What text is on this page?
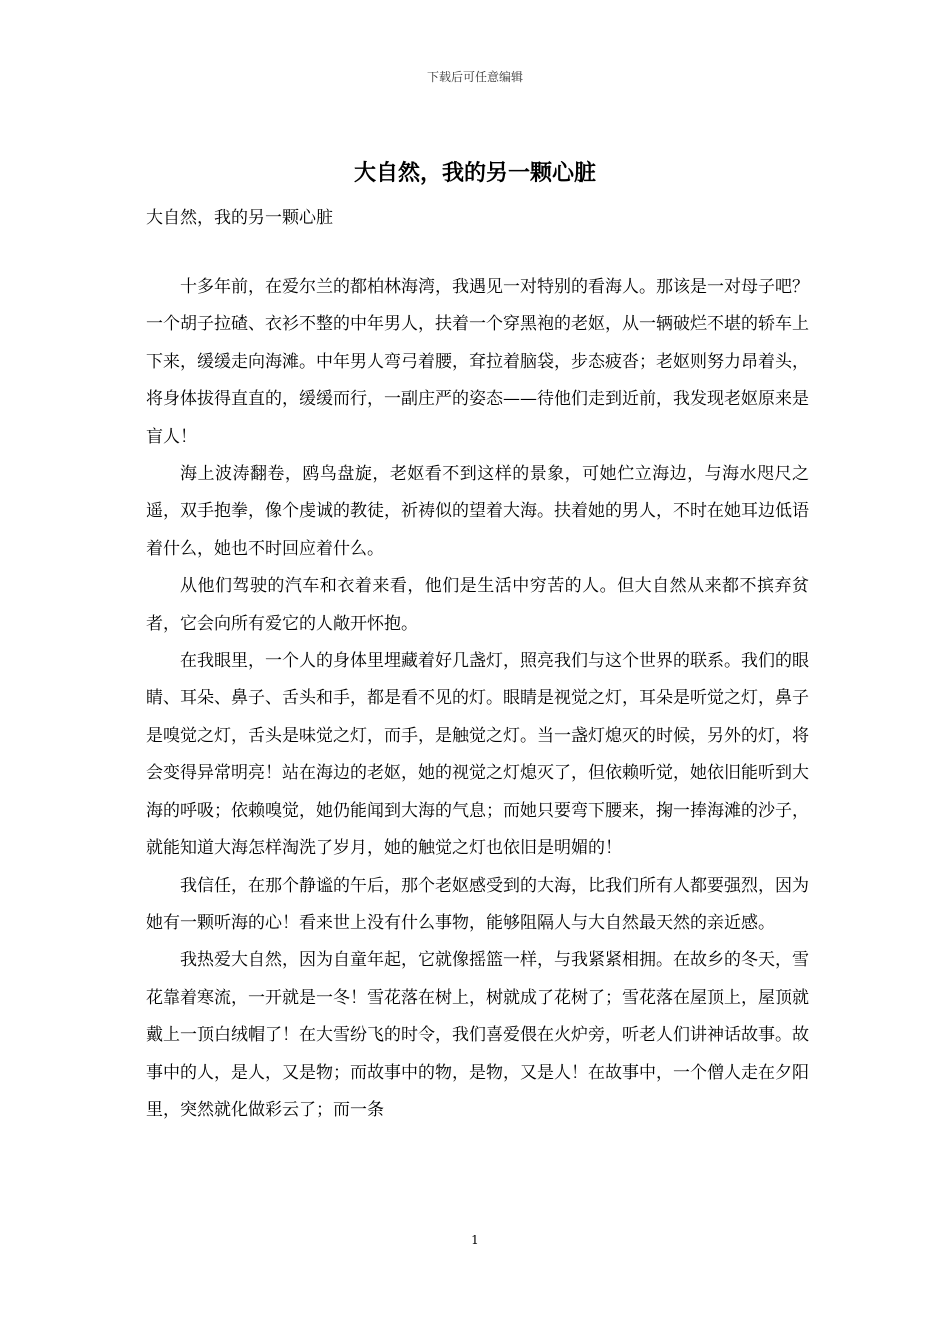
下载后可任意编辑
大自然，我的另一颗心脏
大自然，我的另一颗心脏

十多年前，在爱尔兰的都柏林海湾，我遇见一对特别的看海人。那该是一对母子吧？一个胡子拉碴、衣衫不整的中年男人，扶着一个穿黑袍的老妪，从一辆破烂不堪的轿车上下来，缓缓走向海滩。中年男人弯弓着腰，耷拉着脑袋，步态疲沓；老妪则努力昂着头，将身体拔得直直的，缓缓而行，一副庄严的姿态——待他们走到近前，我发现老妪原来是盲人！

海上波涛翻卷，鸥鸟盘旋，老妪看不到这样的景象，可她伫立海边，与海水咫尺之遥，双手抱拳，像个虔诚的教徒，祈祷似的望着大海。扶着她的男人，不时在她耳边低语着什么，她也不时回应着什么。

从他们驾驶的汽车和衣着来看，他们是生活中穷苦的人。但大自然从来都不摈弃贫者，它会向所有爱它的人敞开怀抱。

在我眼里，一个人的身体里埋藏着好几盏灯，照亮我们与这个世界的联系。我们的眼睛、耳朵、鼻子、舌头和手，都是看不见的灯。眼睛是视觉之灯，耳朵是听觉之灯，鼻子是嗅觉之灯，舌头是味觉之灯，而手，是触觉之灯。当一盏灯熄灭的时候，另外的灯，将会变得异常明亮！站在海边的老妪，她的视觉之灯熄灭了，但依赖听觉，她依旧能听到大海的呼吸；依赖嗅觉，她仍能闻到大海的气息；而她只要弯下腰来，掬一捧海滩的沙子，就能知道大海怎样淘洗了岁月，她的触觉之灯也依旧是明媚的！

我信任，在那个静谧的午后，那个老妪感受到的大海，比我们所有人都要强烈，因为她有一颗听海的心！看来世上没有什么事物，能够阻隔人与大自然最天然的亲近感。

我热爱大自然，因为自童年起，它就像摇篮一样，与我紧紧相拥。在故乡的冬天，雪花靠着寒流，一开就是一冬！雪花落在树上，树就成了花树了；雪花落在屋顶上，屋顶就戴上一顶白绒帽了！在大雪纷飞的时令，我们喜爱偎在火炉旁，听老人们讲神话故事。故事中的人，是人，又是物；而故事中的物，是物，又是人！在故事中，一个僧人走在夕阳里，突然就化做彩云了；而一条

1
